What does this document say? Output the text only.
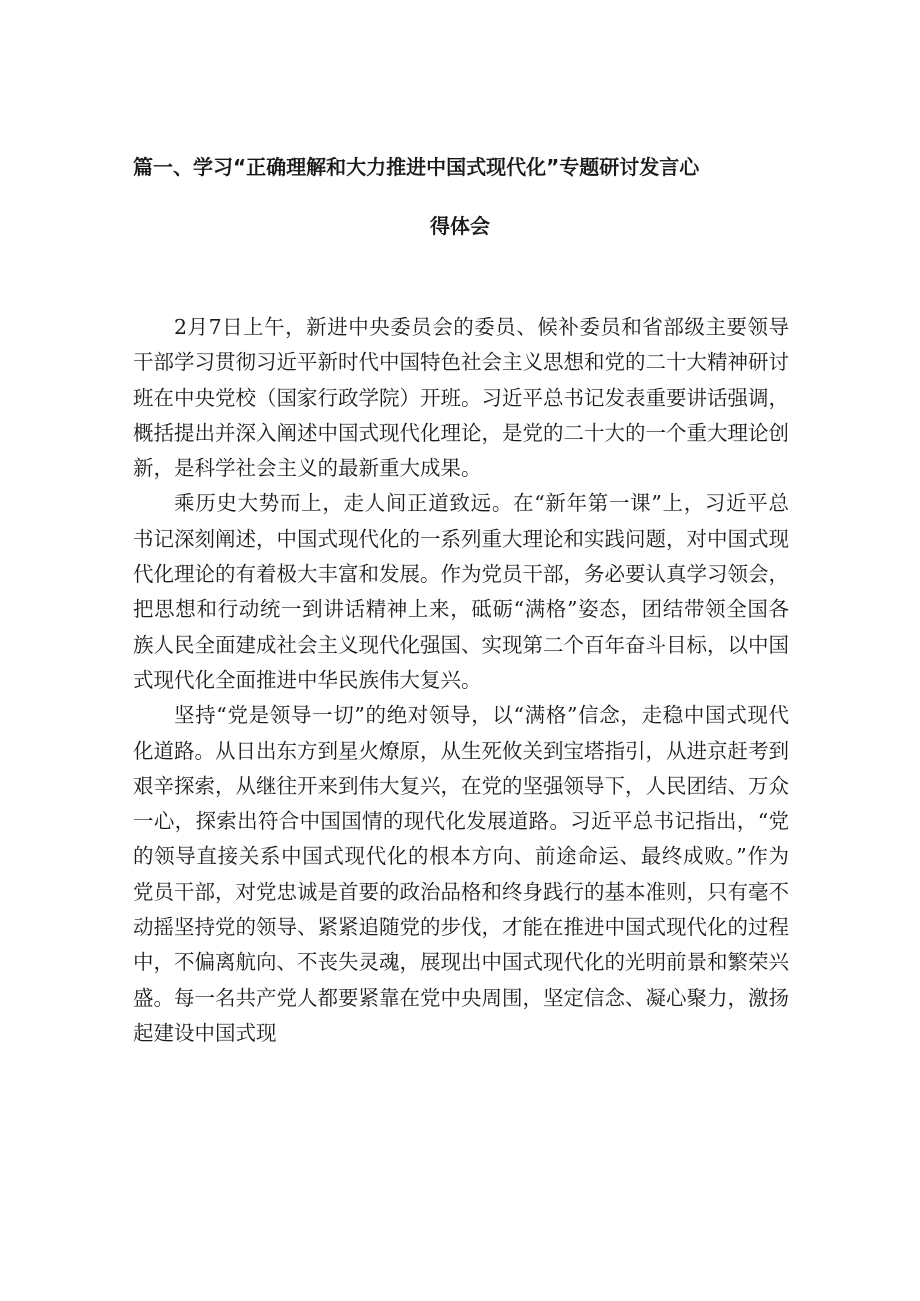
篇一、学习“正确理解和大力推进中国式现代化”专题研讨发言心
得体会

2月7日上午，新进中央委员会的委员、候补委员和省部级主要领导干部学习贯彻习近平新时代中国特色社会主义思想和党的二十大精神研讨班在中央党校（国家行政学院）开班。习近平总书记发表重要讲话强调，概括提出并深入阐述中国式现代化理论，是党的二十大的一个重大理论创新，是科学社会主义的最新重大成果。

乘历史大势而上，走人间正道致远。在“新年第一课”上，习近平总书记深刻阐述，中国式现代化的一系列重大理论和实践问题，对中国式现代化理论的有着极大丰富和发展。作为党员干部，务必要认真学习领会，把思想和行动统一到讲话精神上来，砥砺“满格”姿态，团结带领全国各族人民全面建成社会主义现代化强国、实现第二个百年奋斗目标，以中国式现代化全面推进中华民族伟大复兴。

坚持“党是领导一切”的绝对领导，以“满格”信念，走稳中国式现代化道路。从日出东方到星火燎原，从生死攸关到宝塔指引，从进京赶考到艰辛探索，从继往开来到伟大复兴，在党的坚强领导下，人民团结、万众一心，探索出符合中国国情的现代化发展道路。习近平总书记指出，“党的领导直接关系中国式现代化的根本方向、前途命运、最终成败。”作为党员干部，对党忠诚是首要的政治品格和终身践行的基本准则，只有毫不动摇坚持党的领导、紧紧追随党的步伐，才能在推进中国式现代化的过程中，不偏离航向、不丧失灵魂，展现出中国式现代化的光明前景和繁荣兴盛。每一名共产党人都要紧靠在党中央周围，坚定信念、凝心聚力，激扬起建设中国式现
